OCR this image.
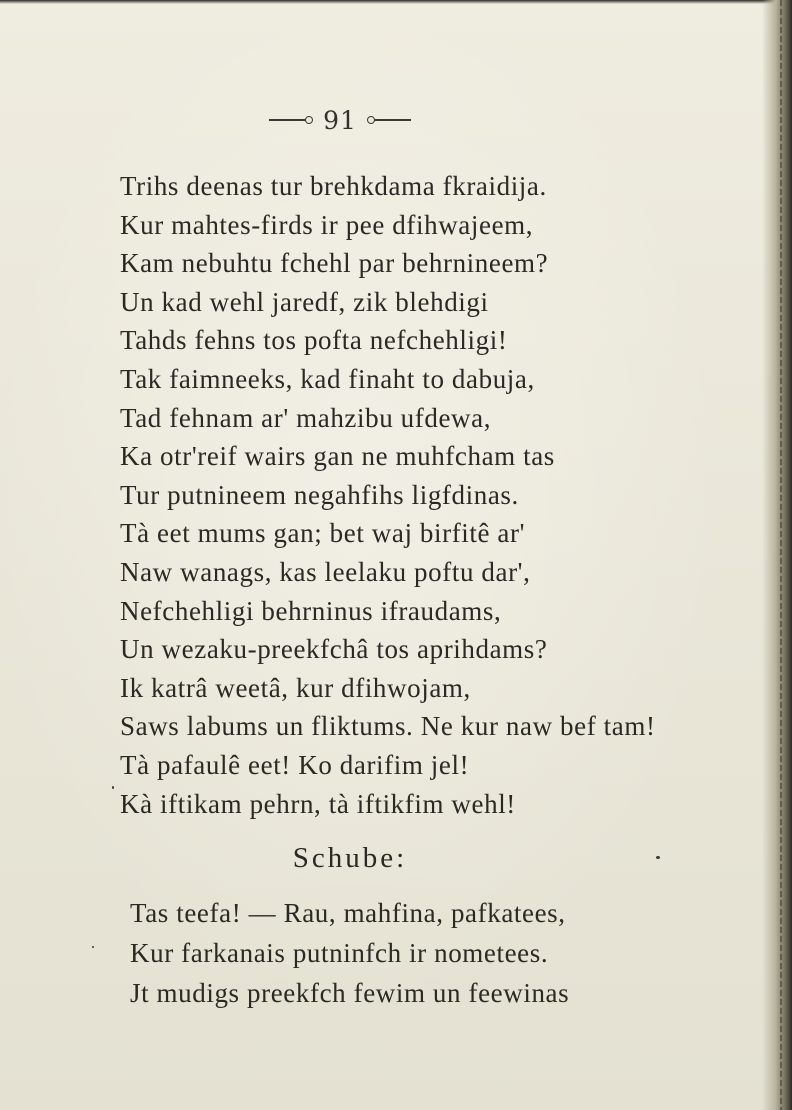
91
Trihs deenas tur brehkdama fkraidija.
Kur mahtes-firds ir pee dfihwajeem,
Kam nebuhtu fchehl par behrnineem?
Un kad wehl jaredf, zik blehdigi
Tahds fehns tos pofta nefchehligi!
Tak faimneeks, kad finaht to dabuja,
Tad fehnam ar' mahzibu ufdewa,
Ka otr'reif wairs gan ne muhfcham tas
Tur putnineem negahfihs ligfdinas.
Tà eet mums gan; bet waj birfitê ar'
Naw wanags, kas leelaku poftu dar',
Nefchehligi behrninus ifraudams,
Un wezaku-preekfchâ tos aprihdams?
Ik katrâ weetâ, kur dfihwojam,
Saws labums un fliktums. Ne kur naw bef tam!
Tà pafaulê eet! Ko darifim jel!
Kà iftikam pehrn, tà iftikfim wehl!
Schube:
Tas teefa! — Rau, mahfina, pafkatees,
Kur farkanais putninfch ir nometees.
Jt mudigs preekfch fewim un feewinas
